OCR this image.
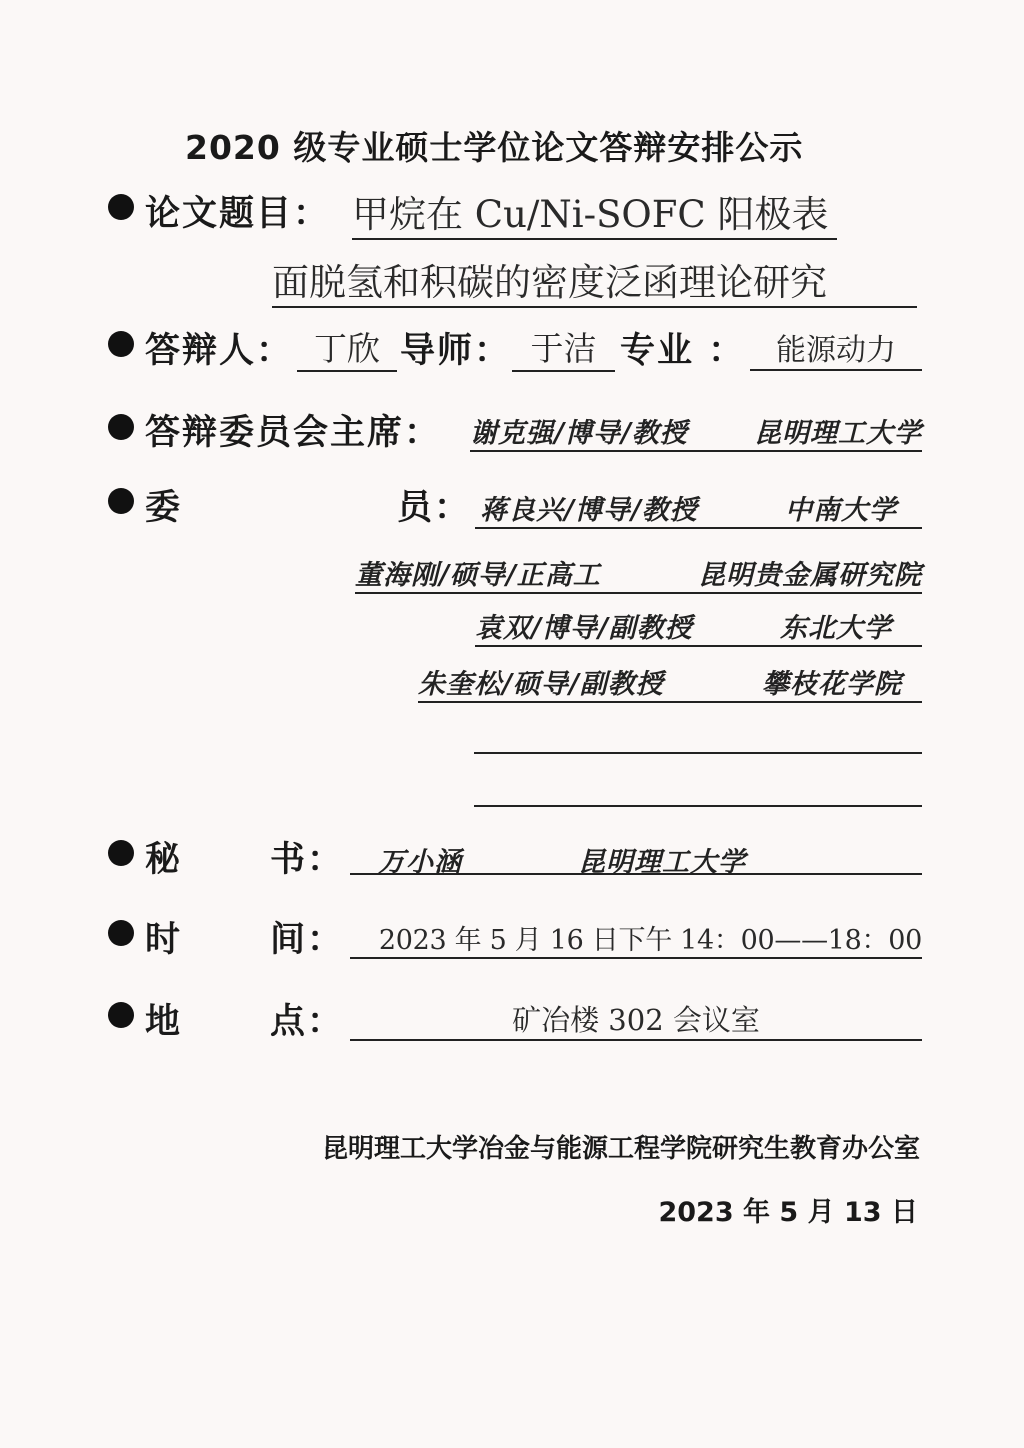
2020 级专业硕士学位论文答辩安排公示
论文题目： 甲烷在 Cu/Ni-SOFC 阳极表
面脱氢和积碳的密度泛函理论研究
答辩人： 丁欣 导师： 于洁 专业 ：	能源动力
答辩委员会主席： 谢克强/博导/教授 昆明理工大学
委	员： 蒋良兴/博导/教授	中南大学
董海刚/硕导/正高工	昆明贵金属研究院
袁双/博导/副教授	东北大学
朱奎松/硕导/副教授	攀枝花学院
秘	书： 万小涵	昆明理工大学
时	间：	2023 年 5 月 16 日下午 14：00——18：00
地	点：	矿冶楼 302 会议室
昆明理工大学冶金与能源工程学院研究生教育办公室
2023 年 5 月 13 日
